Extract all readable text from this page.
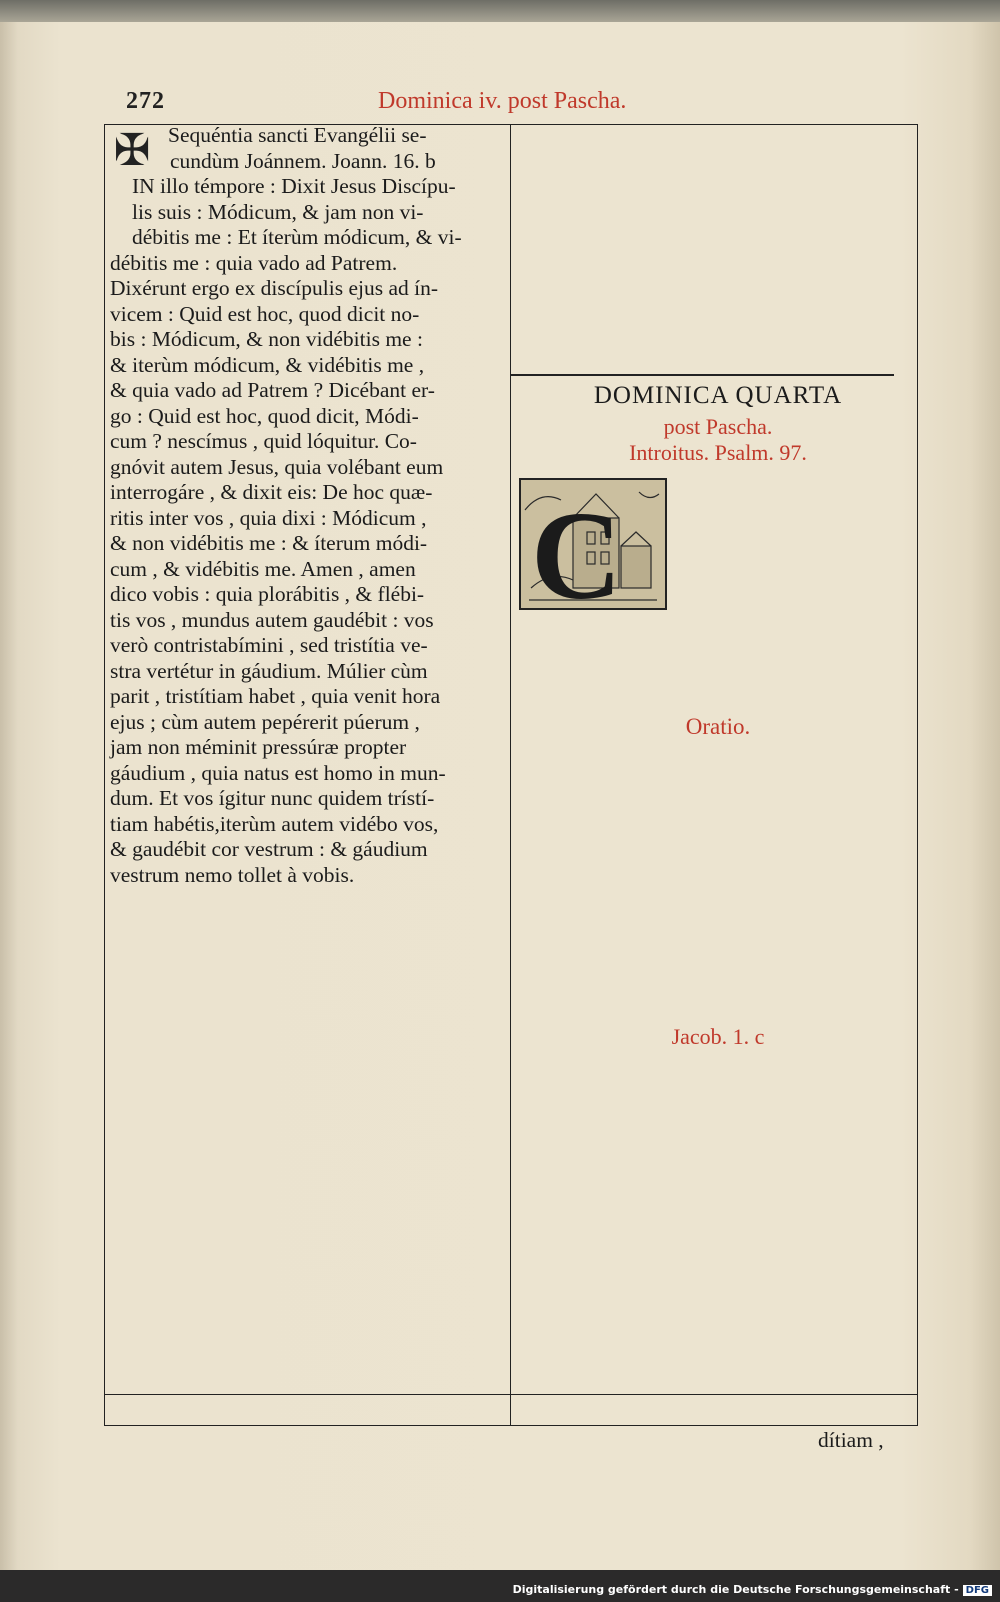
272	Dominica iv. post Pascha.
✠
DOMINICA QUARTA
post Pascha.
Introitus. Psalm. 97.
C
Oratio.
Jacob. 1. c
dítiam ,
Digitalisierung gefördert durch die Deutsche Forschungsgemeinschaft - DFG
Sequéntia sancti Evangélii se-
cundùm Joánnem. Joann. 16. b
IN illo témpore : Dixit Jesus Discípu-
lis suis : Módicum, & jam non vi-
débitis me : Et íterùm módicum, & vi-
débitis me : quia vado ad Patrem.
Dixérunt ergo ex discípulis ejus ad ín-
vicem : Quid est hoc, quod dicit no-
bis : Módicum, & non vidébitis me :
& iterùm módicum, & vidébitis me ,
& quia vado ad Patrem ? Dicébant er-
go : Quid est hoc, quod dicit, Módi-
cum ? nescímus , quid lóquitur. Co-
gnóvit autem Jesus, quia volébant eum
interrogáre , & dixit eis: De hoc quæ-
ritis inter vos , quia dixi : Módicum ,
& non vidébitis me : & íterum módi-
cum , & vidébitis me. Amen , amen
dico vobis : quia plorábitis , & flébi-
tis vos , mundus autem gaudébit : vos
verò contristabímini , sed tristítia ve-
stra vertétur in gáudium. Múlier cùm
parit , tristítiam habet , quia venit hora
ejus ; cùm autem pepérerit púerum ,
jam non méminit pressúræ propter
gáudium , quia natus est homo in mun-
dum. Et vos ígitur nunc quidem trístí-
tiam habétis,iterùm autem vidébo vos,
& gaudébit cor vestrum : & gáudium
vestrum nemo tollet à vobis.
